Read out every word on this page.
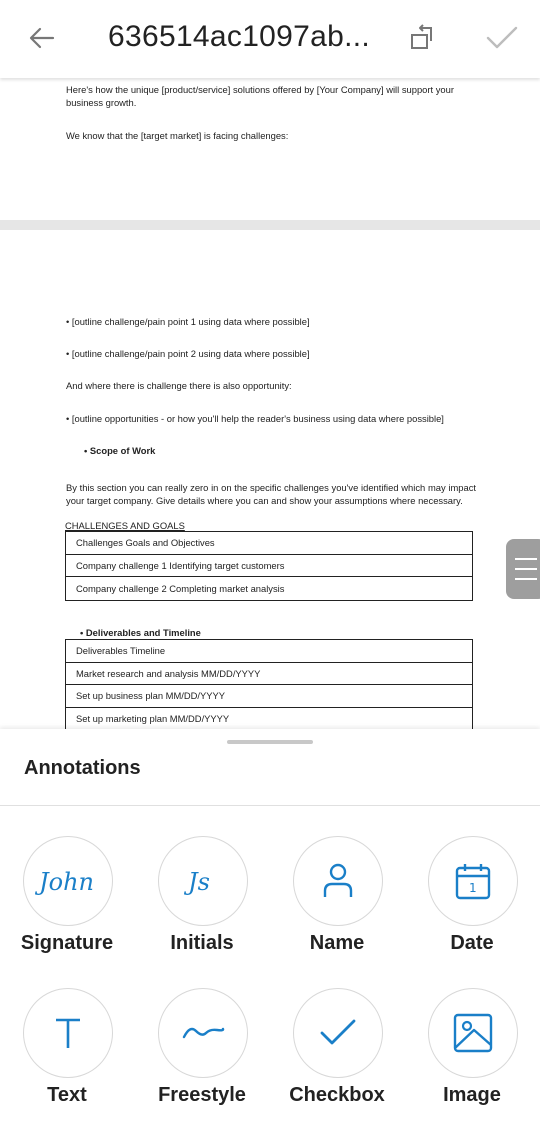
636514ac1097ab...
Here's how the unique [product/service] solutions offered by [Your Company] will support your business growth.
We know that the [target market] is facing challenges:
• [outline challenge/pain point 1 using data where possible]
• [outline challenge/pain point 2 using data where possible]
And where there is challenge there is also opportunity:
• [outline opportunities - or how you'll help the reader's business using data where possible]
• Scope of Work
By this section you can really zero in on the specific challenges you've identified which may impact your target company. Give details where you can and show your assumptions where necessary.
CHALLENGES AND GOALS
Challenges Goals and Objectives
Company challenge 1 Identifying target customers
Company challenge 2 Completing market analysis
• Deliverables and Timeline
Deliverables Timeline
Market research and analysis MM/DD/YYYY
Set up business plan MM/DD/YYYY
Set up marketing plan MM/DD/YYYY
Annotations
John
Signature
Js
Initials	Name
1
Date
Text	Freestyle	Checkbox	Image
